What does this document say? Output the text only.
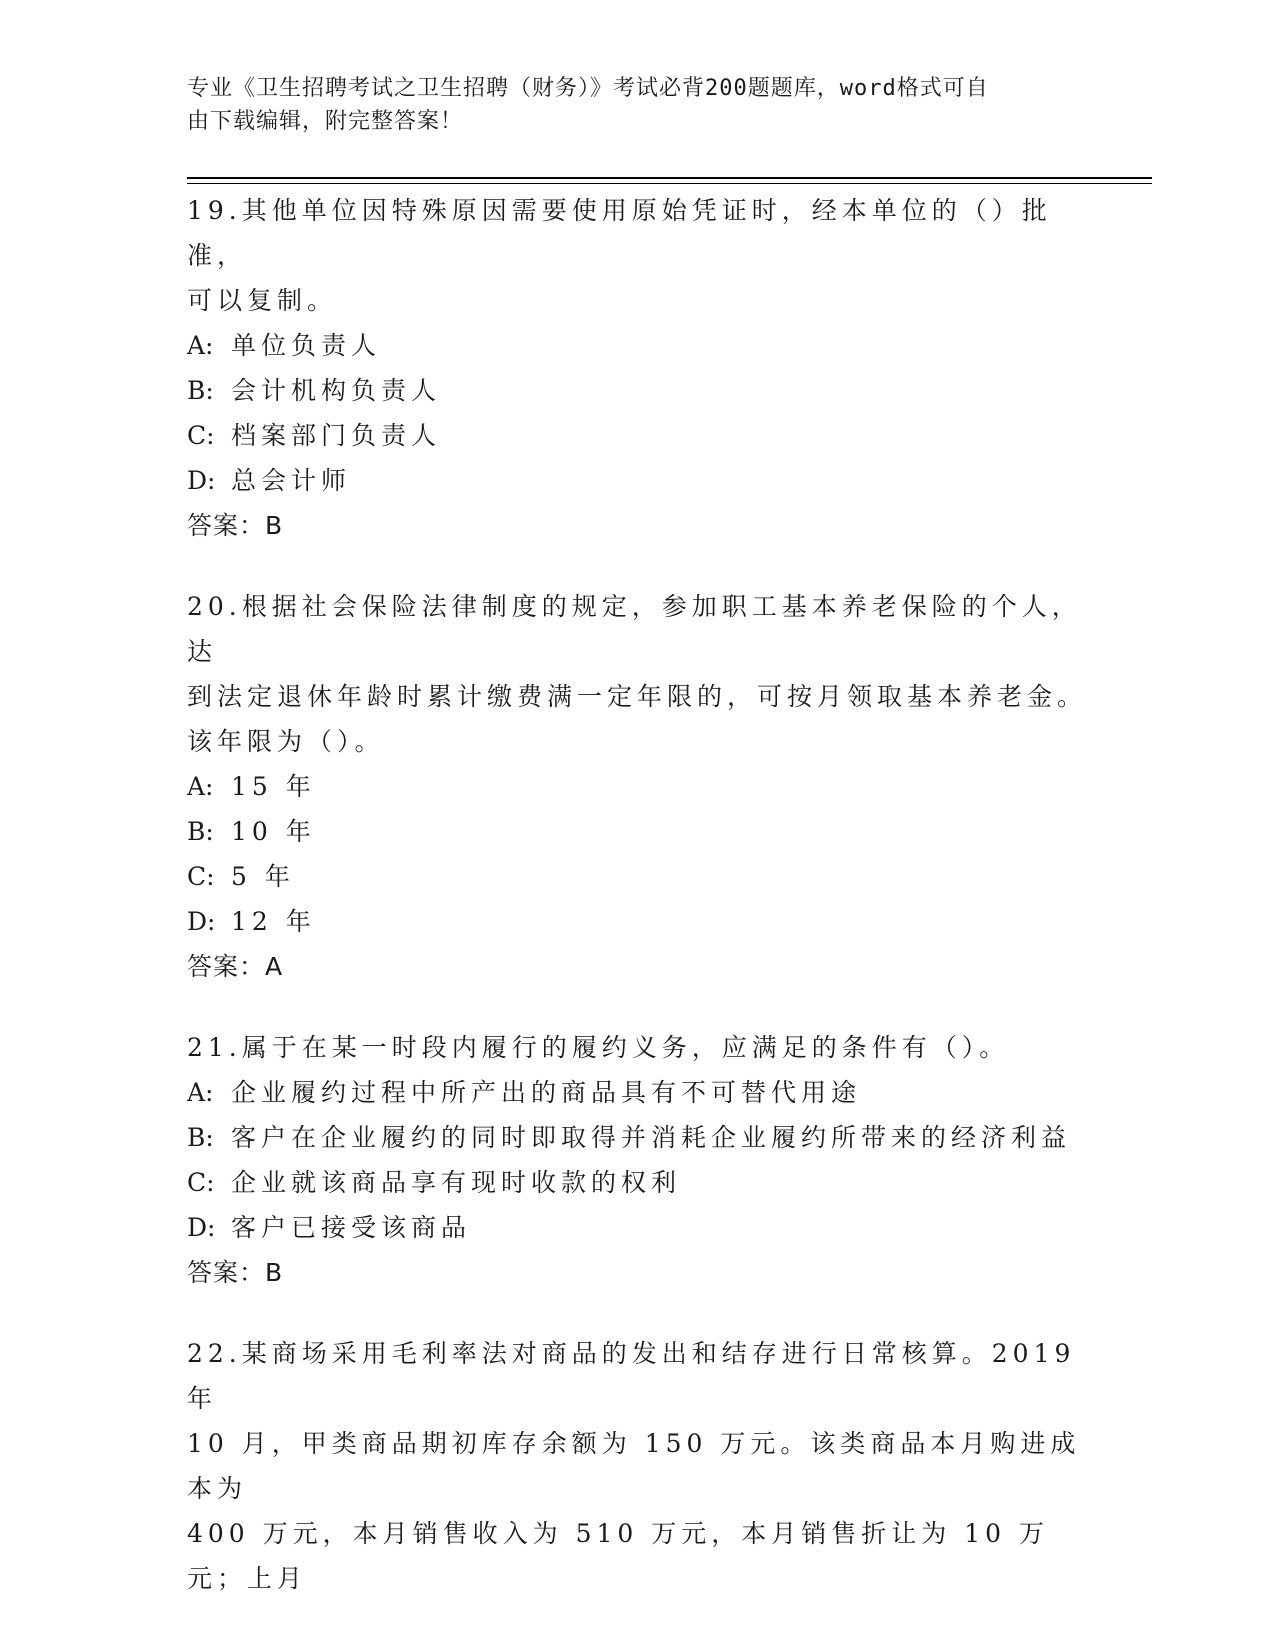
专业《卫生招聘考试之卫生招聘（财务）》考试必背200题题库，word格式可自
由下载编辑，附完整答案！
19.其他单位因特殊原因需要使用原始凭证时，经本单位的（）批准，
可以复制。
A: 单位负责人
B: 会计机构负责人
C: 档案部门负责人
D: 总会计师
答案：B
20.根据社会保险法律制度的规定，参加职工基本养老保险的个人，达
到法定退休年龄时累计缴费满一定年限的，可按月领取基本养老金。
该年限为（）。
A: 15 年
B: 10 年
C: 5 年
D: 12 年
答案：A
21.属于在某一时段内履行的履约义务，应满足的条件有（）。
A: 企业履约过程中所产出的商品具有不可替代用途
B: 客户在企业履约的同时即取得并消耗企业履约所带来的经济利益
C: 企业就该商品享有现时收款的权利
D: 客户已接受该商品
答案：B
22.某商场采用毛利率法对商品的发出和结存进行日常核算。2019 年
10 月，甲类商品期初库存余额为 150 万元。该类商品本月购进成本为
400 万元，本月销售收入为 510 万元，本月销售折让为 10 万元；上月
